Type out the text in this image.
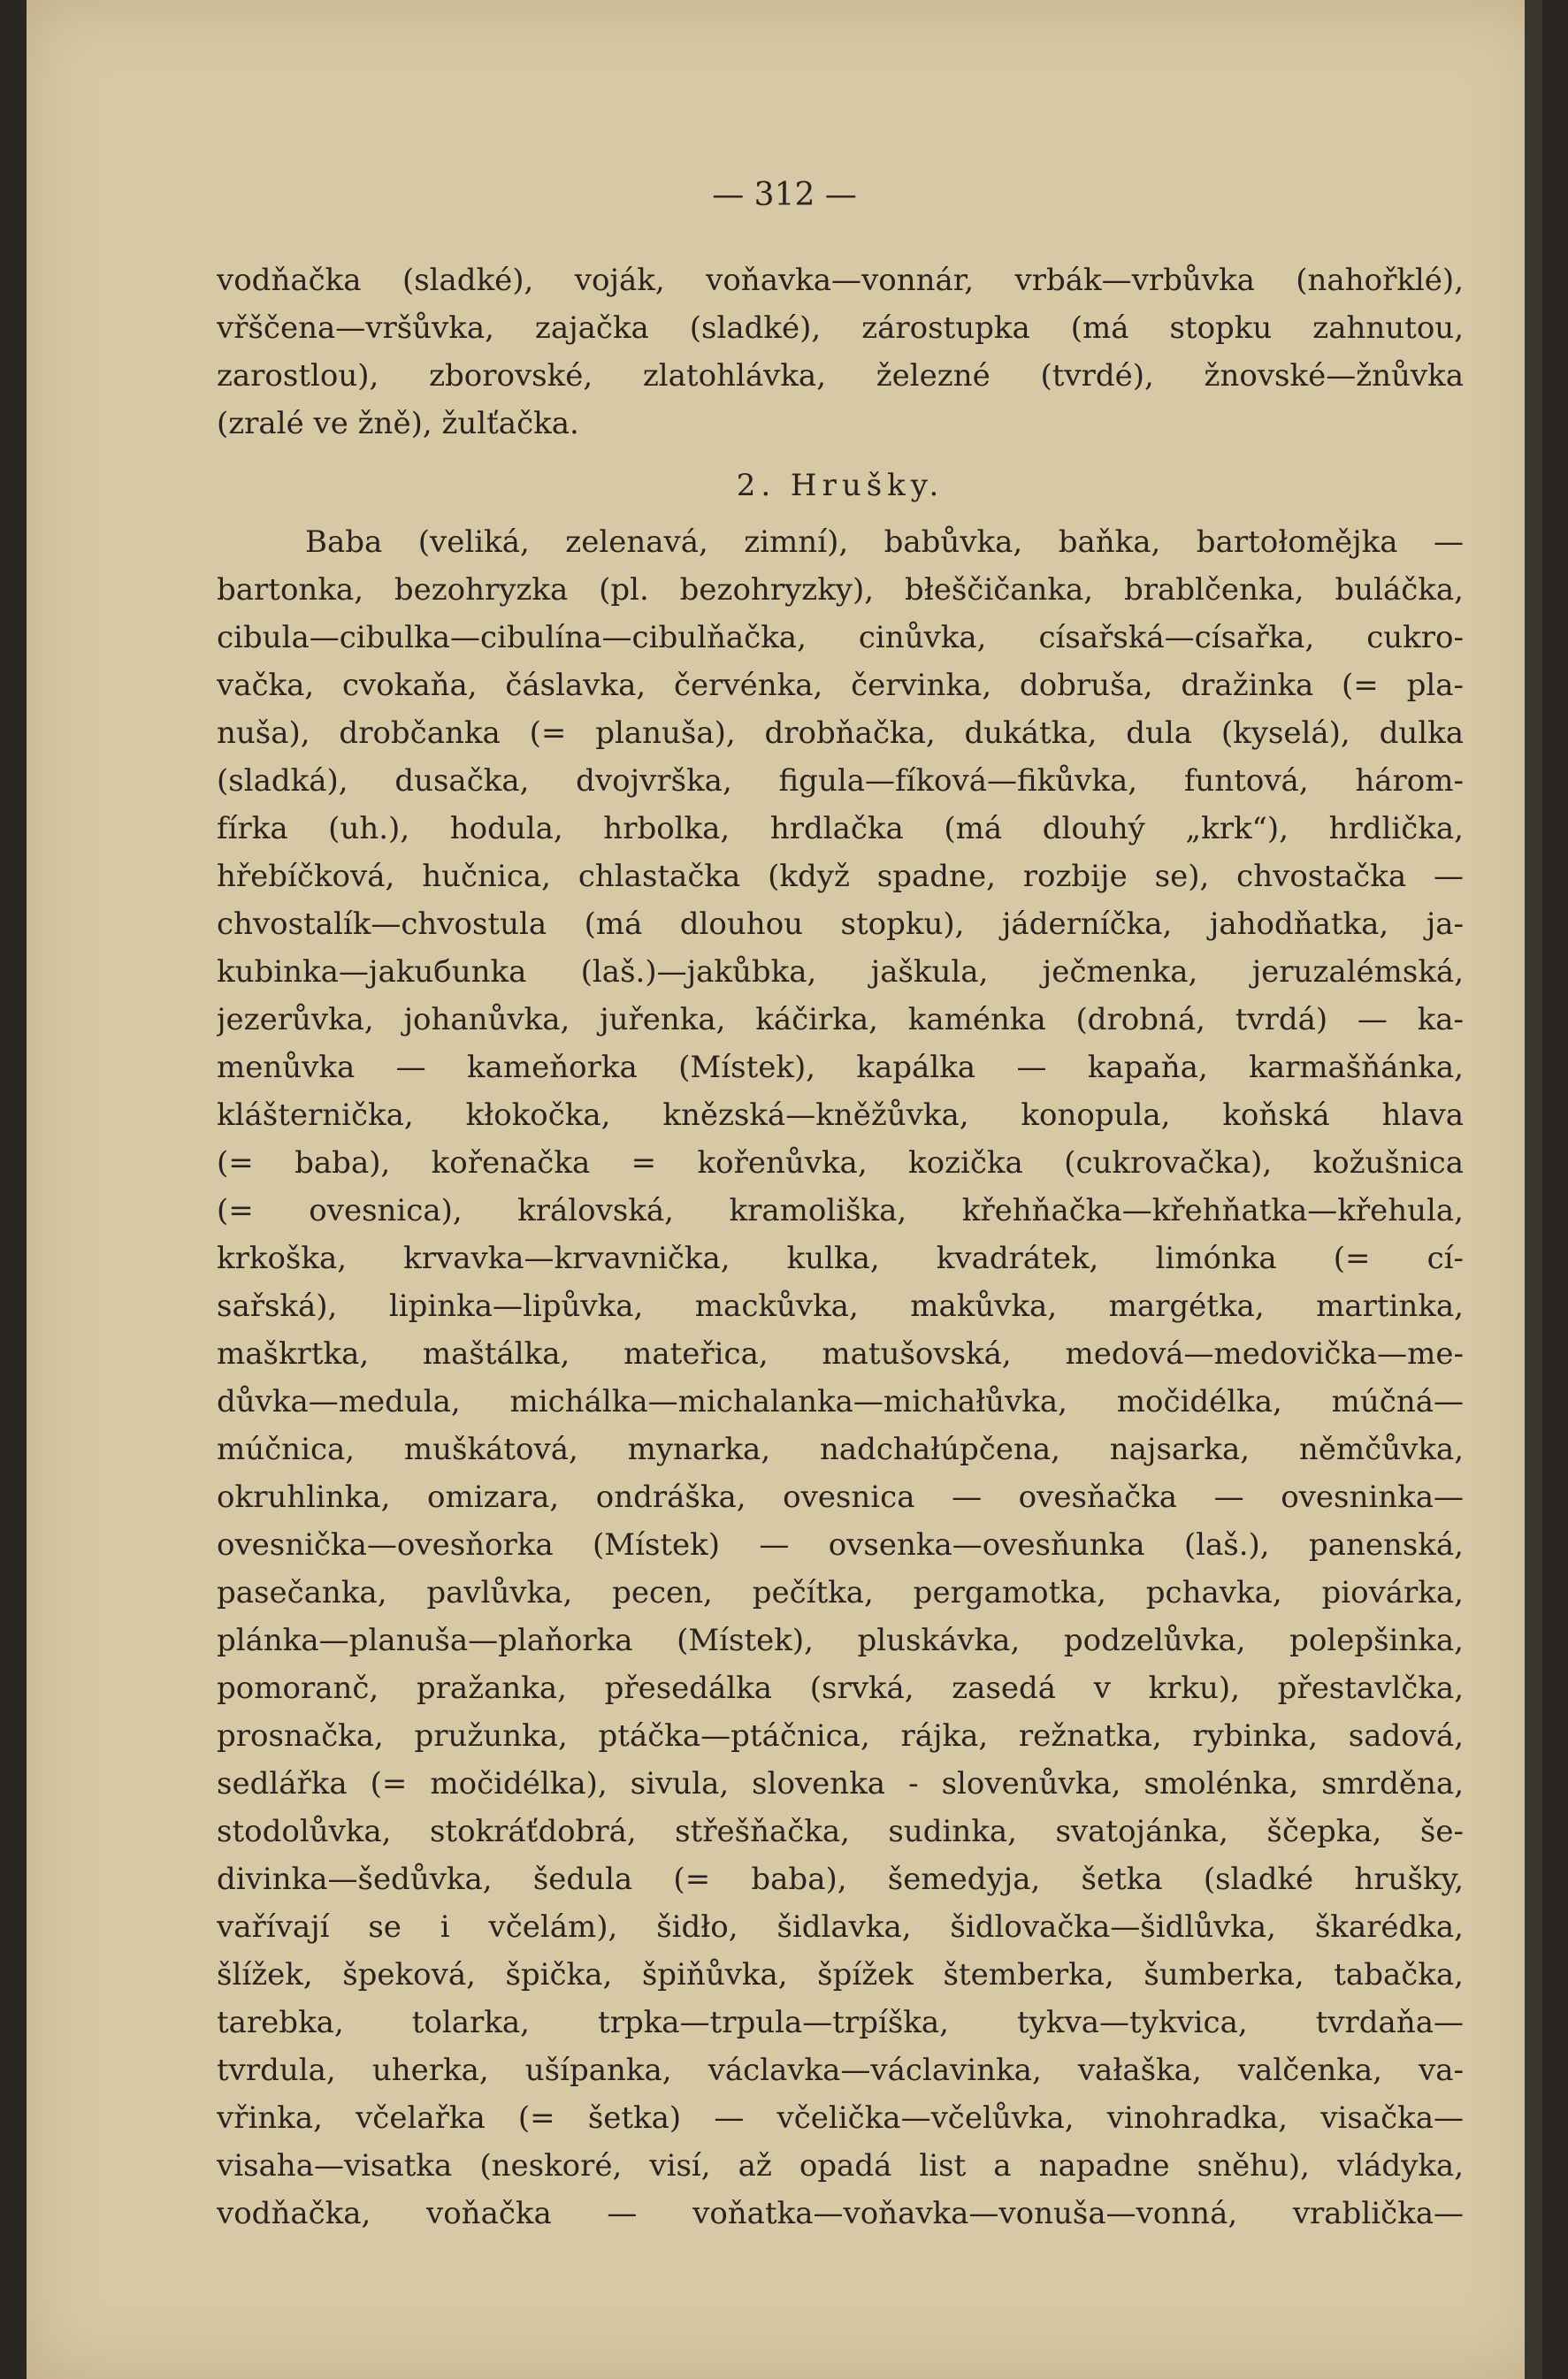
— 312 —
vodňačka (sladké), voják, voňavka—vonnár, vrbák—vrbůvka (nahořklé),
vřščena—vršůvka, zajačka (sladké), zárostupka (má stopku zahnutou,
zarostlou), zborovské, zlatohlávka, železné (tvrdé), žnovské—žnůvka
(zralé ve žně), žulťačka.
2. Hrušky.
Baba (veliká, zelenavá, zimní), babůvka, baňka, bartołomějka —
bartonka, bezohryzka (pl. bezohryzky), błeščičanka, brablčenka, buláčka,
cibula—cibulka—cibulína—cibulňačka, cinůvka, císařská—císařka, cukro-
vačka, cvokaňa, čáslavka, červénka, červinka, dobruša, dražinka (= pla-
nuša), drobčanka (= planuša), drobňačka, dukátka, dula (kyselá), dulka
(sladká), dusačka, dvojvrška, figula—fíková—fikůvka, funtová, három-
fírka (uh.), hodula, hrbolka, hrdlačka (má dlouhý „krk“), hrdlička,
hřebíčková, hučnica, chlastačka (když spadne, rozbije se), chvostačka —
chvostalík—chvostula (má dlouhou stopku), jáderníčka, jahodňatka, ja-
kubinka—jakuбunka (laš.)—jakůbka, jaškula, ječmenka, jeruzalémská,
jezerůvka, johanůvka, juřenka, káčirka, kaménka (drobná, tvrdá) — ka-
menůvka — kameňorka (Místek), kapálka — kapaňa, karmašňánka,
klášternička, kłokočka, knězská—kněžůvka, konopula, koňská hlava
(= baba), kořenačka = kořenůvka, kozička (cukrovačka), kožušnica
(= ovesnica), královská, kramoliška, křehňačka—křehňatka—křehula,
krkoška, krvavka—krvavnička, kulka, kvadrátek, limónka (= cí-
sařská), lipinka—lipůvka, mackůvka, makůvka, margétka, martinka,
maškrtka, maštálka, mateřica, matušovská, medová—medovička—me-
důvka—medula, michálka—michalanka—michałůvka, močidélka, múčná—
múčnica, muškátová, mynarka, nadchałúpčena, najsarka, němčůvka,
okruhlinka, omizara, ondráška, ovesnica — ovesňačka — ovesninka—
ovesnička—ovesňorka (Místek) — ovsenka—ovesňunka (laš.), panenská,
pasečanka, pavlůvka, pecen, pečítka, pergamotka, pchavka, piovárka,
plánka—planuša—plaňorka (Místek), pluskávka, podzelůvka, polepšinka,
pomoranč, pražanka, přesedálka (srvká, zasedá v krku), přestavlčka,
prosnačka, pružunka, ptáčka—ptáčnica, rájka, režnatka, rybinka, sadová,
sedlářka (= močidélka), sivula, slovenka - slovenůvka, smolénka, smrděna,
stodolůvka, stokráťdobrá, střešňačka, sudinka, svatojánka, ščepka, še-
divinka—šedůvka, šedula (= baba), šemedyja, šetka (sladké hrušky,
vařívají se i včelám), šidło, šidlavka, šidlovačka—šidlůvka, škarédka,
šlížek, špeková, špička, špiňůvka, špížek štemberka, šumberka, tabačka,
tarebka, tolarka, trpka—trpula—trpíška, tykva—tykvica, tvrdaňa—
tvrdula, uherka, ušípanka, václavka—václavinka, vałaška, valčenka, va-
vřinka, včelařka (= šetka) — včelička—včelůvka, vinohradka, visačka—
visaha—visatka (neskoré, visí, až opadá list a napadne sněhu), vládyka,
vodňačka, voňačka — voňatka—voňavka—vonuša—vonná, vrablička—
